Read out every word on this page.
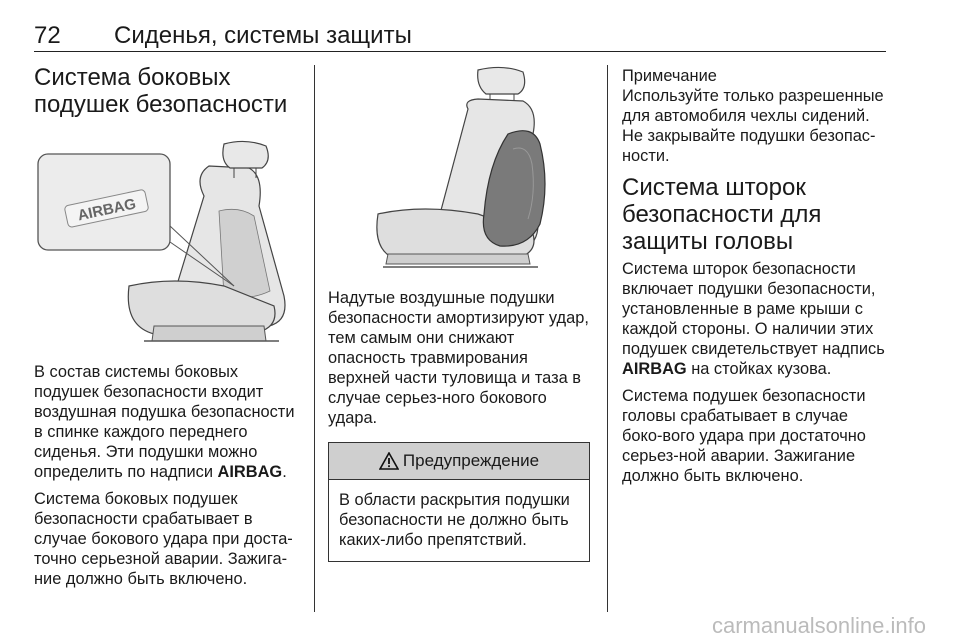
72 Сиденья, системы защиты
Система боковых подушек безопасности
AIRBAG

В состав системы боковых подушек безопасности входит воздушная подушка безопасности в спинке каждого переднего сиденья. Эти подушки можно определить по надписи AIRBAG.

Система боковых подушек безопасности срабатывает в случае бокового удара при доста-точно серьезной аварии. Зажига-ние должно быть включено.

Надутые воздушные подушки безопасности амортизируют удар, тем самым они снижают опасность травмирования верхней части туловища и таза в случае серьез-ного бокового удара.

Предупреждение

В области раскрытия подушки безопасности не должно быть каких-либо препятствий.

Примечание

Используйте только разрешенные для автомобиля чехлы сидений. Не закрывайте подушки безопас-ности.

Система шторок безопасности для защиты головы

Система шторок безопасности включает подушки безопасности, установленные в раме крыши с каждой стороны. О наличии этих подушек свидетельствует надпись AIRBAG на стойках кузова.

Система подушек безопасности головы срабатывает в случае боко-вого удара при достаточно серьез-ной аварии. Зажигание должно быть включено.

carmanualsonline.info
